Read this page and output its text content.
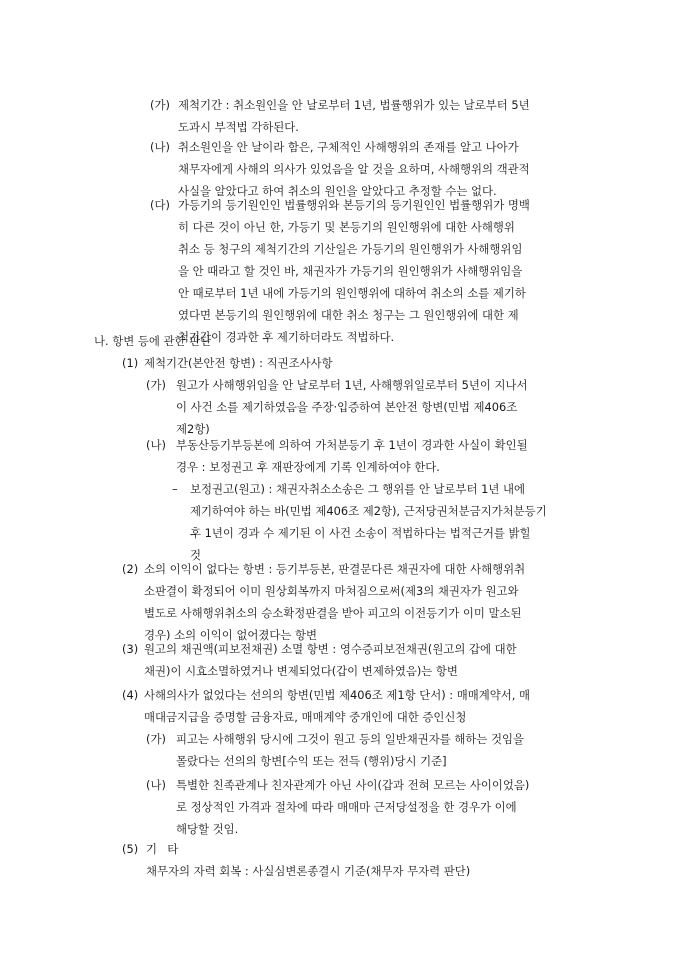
(가) 제척기간 : 취소원인을 안 날로부터 1년, 법률행위가 있는 날로부터 5년
도과시 부적법 각하된다.
(나) 취소원인을 안 날이라 함은, 구체적인 사해행위의 존재를 알고 나아가
채무자에게 사해의 의사가 있었음을 알 것을 요하며, 사해행위의 객관적
사실을 알았다고 하여 취소의 원인을 알았다고 추정할 수는 없다.
(다) 가등기의 등기원인인 법률행위와 본등기의 등기원인인 법률행위가 명백
히 다른 것이 아닌 한, 가등기 및 본등기의 원인행위에 대한 사해행위
취소 등 청구의 제척기간의 기산일은 가등기의 원인행위가 사해행위임
을 안 때라고 할 것인 바, 채권자가 가등기의 원인행위가 사해행위임을
안 때로부터 1년 내에 가등기의 원인행위에 대하여 취소의 소를 제기하
였다면 본등기의 원인행위에 대한 취소 청구는 그 원인행위에 대한 제
척기간이 경과한 후 제기하더라도 적법하다.
나. 항변 등에 관한 판단
(1) 제척기간(본안전 항변) : 직권조사사항
(가) 원고가 사해행위임을 안 날로부터 1년, 사해행위일로부터 5년이 지나서
이 사건 소를 제기하였음을 주장·입증하여 본안전 항변(민법 제406조
제2항)
(나) 부동산등기부등본에 의하여 가처분등기 후 1년이 경과한 사실이 확인될
경우 : 보정권고 후 재판장에게 기록 인계하여야 한다.
– 보정권고(원고) : 채권자취소소송은 그 행위를 안 날로부터 1년 내에
제기하여야 하는 바(민법 제406조 제2항), 근저당권처분금지가처분등기
후 1년이 경과 수 제기된 이 사건 소송이 적법하다는 법적근거를 밝힐
것
(2) 소의 이익이 없다는 항변 : 등기부등본, 판결문다른 채권자에 대한 사해행위취
소판결이 확정되어 이미 원상회복까지 마쳐짐으로써(제3의 채권자가 원고와
별도로 사해행위취소의 승소확정판결을 받아 피고의 이전등기가 이미 말소된
경우) 소의 이익이 없어졌다는 항변
(3) 원고의 채권액(피보전채권) 소멸 항변 : 영수증피보전채권(원고의 갑에 대한
채권)이 시효소멸하였거나 변제되었다(갑이 변제하였음)는 항변
(4) 사해의사가 없었다는 선의의 항변(민법 제406조 제1항 단서) : 매매계약서, 매
매대금지급을 증명할 금융자료, 매매계약 중개인에 대한 증인신청
(가) 피고는 사해행위 당시에 그것이 원고 등의 일반채권자를 해하는 것임을
몰랐다는 선의의 항변[수익 또는 전득 (행위)당시 기준]
(나) 특별한 친족관계나 친자관계가 아닌 사이(갑과 전혀 모르는 사이이었음)
로 정상적인 가격과 절차에 따라 매매마 근저당설정을 한 경우가 이에
해당할 것임.
(5) 기  타
채무자의 자력 회복 : 사실심변론종결시 기준(채무자 무자력 판단)
